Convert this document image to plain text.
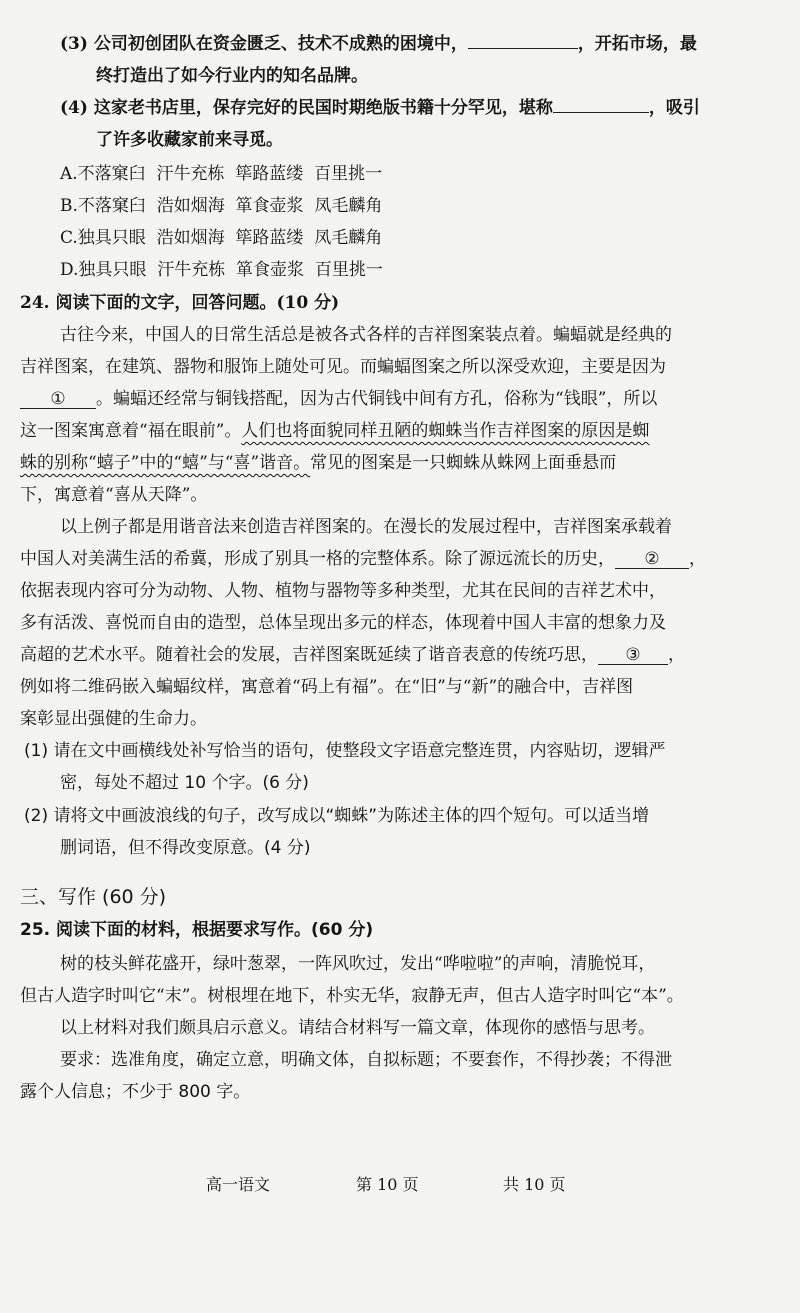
(3) 公司初创团队在资金匮乏、技术不成熟的困境中，	，开拓市场，最
终打造出了如今行业内的知名品牌。
(4) 这家老书店里，保存完好的民国时期绝版书籍十分罕见，堪称	，吸引
了许多收藏家前来寻觅。
A.不落窠臼  汗牛充栋  筚路蓝缕  百里挑一
B.不落窠臼  浩如烟海  箪食壶浆  凤毛麟角
C.独具只眼  浩如烟海  筚路蓝缕  凤毛麟角
D.独具只眼  汗牛充栋  箪食壶浆  百里挑一
24. 阅读下面的文字，回答问题。(10 分)
古往今来，中国人的日常生活总是被各式各样的吉祥图案装点着。蝙蝠就是经典的
吉祥图案，在建筑、器物和服饰上随处可见。而蝙蝠图案之所以深受欢迎，主要是因为
① 。蝙蝠还经常与铜钱搭配，因为古代铜钱中间有方孔，俗称为“钱眼”，所以
这一图案寓意着“福在眼前”。人们也将面貌同样丑陋的蜘蛛当作吉祥图案的原因是蜘
蛛的别称“蟢子”中的“蟢”与“喜”谐音。常见的图案是一只蜘蛛从蛛网上面垂悬而
下，寓意着“喜从天降”。
以上例子都是用谐音法来创造吉祥图案的。在漫长的发展过程中，吉祥图案承载着
中国人对美满生活的希冀，形成了别具一格的完整体系。除了源远流长的历史， ② ，
依据表现内容可分为动物、人物、植物与器物等多种类型，尤其在民间的吉祥艺术中，
多有活泼、喜悦而自由的造型，总体呈现出多元的样态，体现着中国人丰富的想象力及
高超的艺术水平。随着社会的发展，吉祥图案既延续了谐音表意的传统巧思， ③ ，
例如将二维码嵌入蝙蝠纹样，寓意着“码上有福”。在“旧”与“新”的融合中，吉祥图
案彰显出强健的生命力。
(1) 请在文中画横线处补写恰当的语句，使整段文字语意完整连贯，内容贴切，逻辑严
密，每处不超过 10 个字。(6 分)
(2) 请将文中画波浪线的句子，改写成以“蜘蛛”为陈述主体的四个短句。可以适当增
删词语，但不得改变原意。(4 分)
三、写作 (60 分)
25. 阅读下面的材料，根据要求写作。(60 分)
树的枝头鲜花盛开，绿叶葱翠，一阵风吹过，发出“哗啦啦”的声响，清脆悦耳，
但古人造字时叫它“末”。树根埋在地下，朴实无华，寂静无声，但古人造字时叫它“本”。
以上材料对我们颇具启示意义。请结合材料写一篇文章，体现你的感悟与思考。
要求：选准角度，确定立意，明确文体，自拟标题；不要套作，不得抄袭；不得泄
露个人信息；不少于 800 字。
高一语文	第 10 页	共 10 页
